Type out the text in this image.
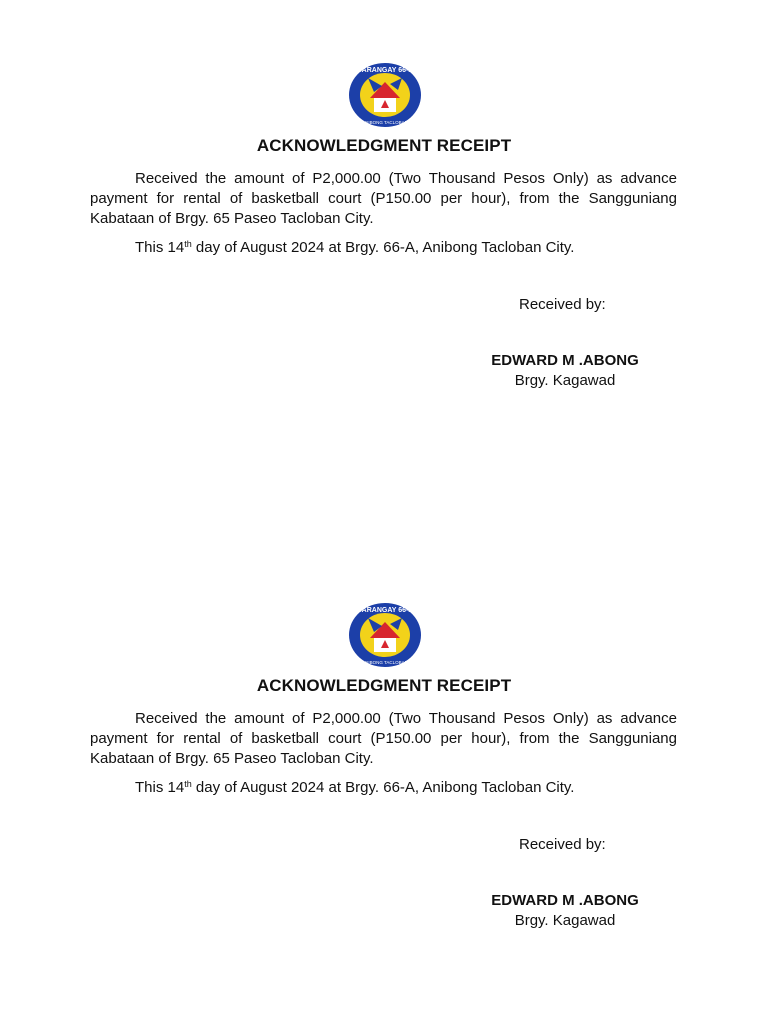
BARANGAY 66-A
ANIBONG TACLOBAN
ACKNOWLEDGMENT RECEIPT
Received the amount of P2,000.00 (Two Thousand Pesos Only) as advance payment for rental of basketball court (P150.00 per hour), from the Sangguniang Kabataan of Brgy. 65 Paseo Tacloban City.
This 14th day of August 2024 at Brgy. 66-A, Anibong Tacloban City.
Received by:
EDWARD M .ABONG
Brgy. Kagawad
BARANGAY 66-A
ANIBONG TACLOBAN
ACKNOWLEDGMENT RECEIPT
Received the amount of P2,000.00 (Two Thousand Pesos Only) as advance payment for rental of basketball court (P150.00 per hour), from the Sangguniang Kabataan of Brgy. 65 Paseo Tacloban City.
This 14th day of August 2024 at Brgy. 66-A, Anibong Tacloban City.
Received by:
EDWARD M .ABONG
Brgy. Kagawad
